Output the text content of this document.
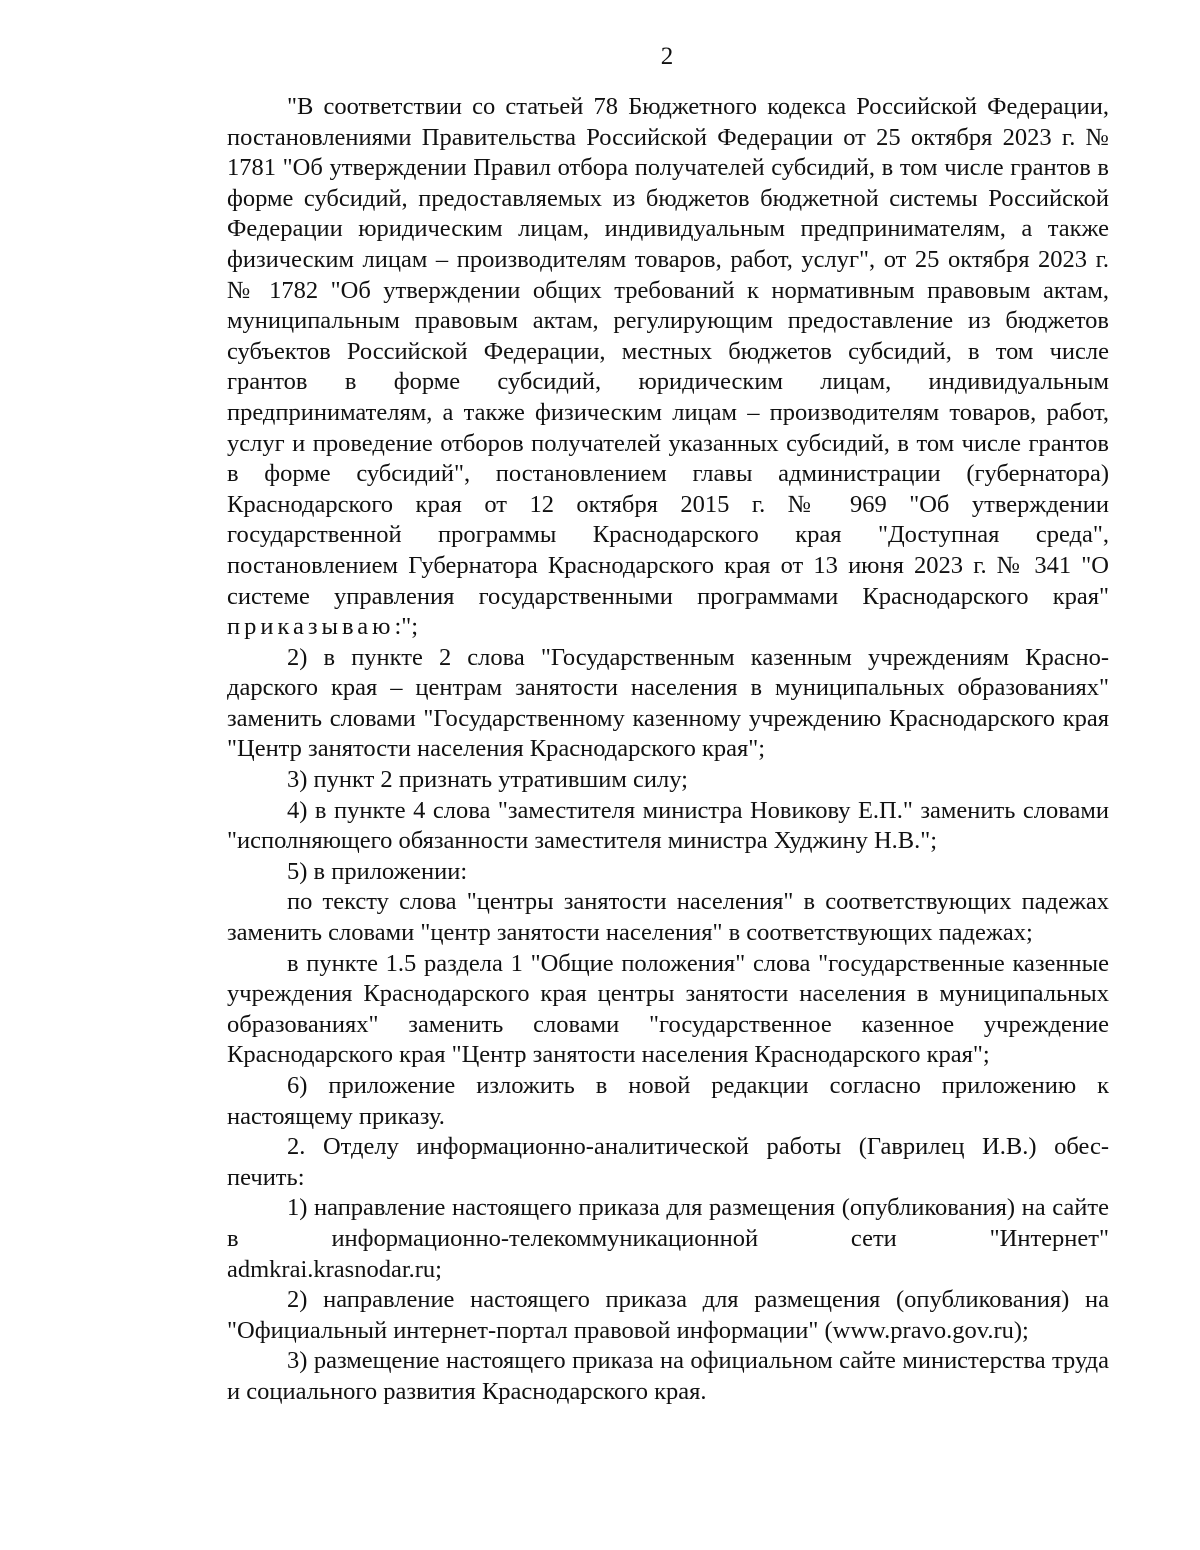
2

"В соответствии со статьей 78 Бюджетного кодекса Российской Федерации, постановлениями Правительства Российской Федерации от 25 октября 2023 г. № 1781 "Об утверждении Правил отбора получателей субсидий, в том числе грантов в форме субсидий, предоставляемых из бюджетов бюджетной системы Российской Федерации юридическим лицам, индивидуальным предпринимателям, а также физическим лицам – производителям товаров, работ, услуг", от 25 октября 2023 г. № 1782 "Об утверждении общих требований к нормативным правовым актам, муниципальным правовым актам, регулирующим предоставление из бюджетов субъектов Российской Федерации, местных бюджетов субсидий, в том числе грантов в форме субсидий, юридическим лицам, индивидуальным предпринимателям, а также физическим лицам – производителям товаров, работ, услуг и проведение отборов получателей указанных субсидий, в том числе грантов в форме субсидий", постановлением главы администрации (губернатора) Краснодарского края от 12 октября 2015 г. № 969 "Об утверждении государственной программы Краснодарского края "Доступная среда", постановлением Губернатора Краснодарского края от 13 июня 2023 г. № 341 "О системе управления государственными программами Краснодарского края" приказываю:";

2) в пункте 2 слова "Государственным казенным учреждениям Краснодарского края – центрам занятости населения в муниципальных образованиях" заменить словами "Государственному казенному учреждению Краснодарского края "Центр занятости населения Краснодарского края";

3) пункт 2 признать утратившим силу;

4) в пункте 4 слова "заместителя министра Новикову Е.П." заменить словами "исполняющего обязанности заместителя министра Худжину Н.В.";

5) в приложении:

по тексту слова "центры занятости населения" в соответствующих падежах заменить словами "центр занятости населения" в соответствующих падежах;

в пункте 1.5 раздела 1 "Общие положения" слова "государственные казенные учреждения Краснодарского края центры занятости населения в муниципальных образованиях" заменить словами "государственное казенное учреждение Краснодарского края "Центр занятости населения Краснодарского края";

6) приложение изложить в новой редакции согласно приложению к настоящему приказу.

2. Отделу информационно-аналитической работы (Гаврилец И.В.) обеспечить:

1) направление настоящего приказа для размещения (опубликования) на сайте в информационно-телекоммуникационной сети "Интернет"

admkrai.krasnodar.ru;

2) направление настоящего приказа для размещения (опубликования) на "Официальный интернет-портал правовой информации" (www.pravo.gov.ru);

3) размещение настоящего приказа на официальном сайте министерства труда и социального развития Краснодарского края.
